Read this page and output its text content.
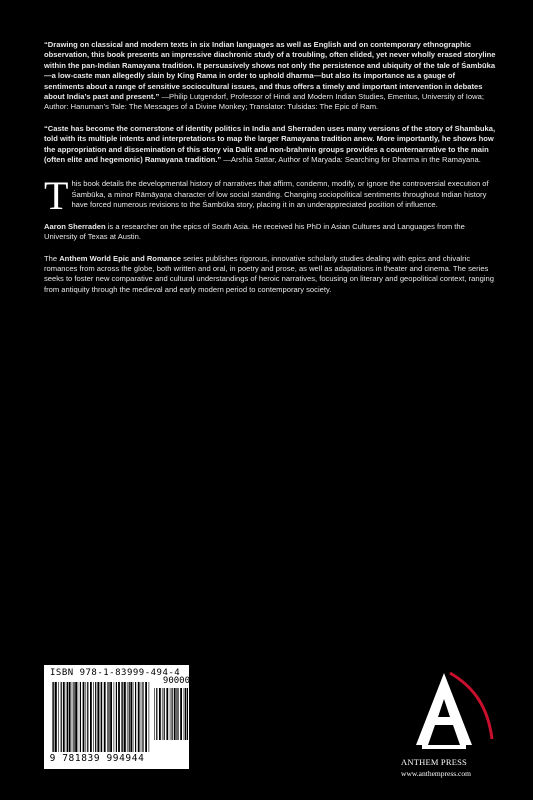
“Drawing on classical and modern texts in six Indian languages as well as English and on contemporary ethnographic observation, this book presents an impressive diachronic study of a troubling, often elided, yet never wholly erased storyline within the pan-Indian Ramayana tradition. It persuasively shows not only the persistence and ubiquity of the tale of Śambūka—a low-caste man allegedly slain by King Rama in order to uphold dharma—but also its importance as a gauge of sentiments about a range of sensitive sociocultural issues, and thus offers a timely and important intervention in debates about India’s past and present.” —Philip Lutgendorf, Professor of Hindi and Modern Indian Studies, Emeritus, University of Iowa; Author: Hanuman’s Tale: The Messages of a Divine Monkey; Translator: Tulsidas: The Epic of Ram.

“Caste has become the cornerstone of identity politics in India and Sherraden uses many versions of the story of Shambuka, told with its multiple intents and interpretations to map the larger Ramayana tradition anew. More importantly, he shows how the appropriation and dissemination of this story via Dalit and non-brahmin groups provides a counternarrative to the main (often elite and hegemonic) Ramayana tradition.” —Arshia Sattar, Author of Maryada: Searching for Dharma in the Ramayana.

This book details the developmental history of narratives that affirm, condemn, modify, or ignore the controversial execution of Śambūka, a minor Rāmāyaṇa character of low social standing. Changing sociopolitical sentiments throughout Indian history have forced numerous revisions to the Śambūka story, placing it in an underappreciated position of influence.

Aaron Sherraden is a researcher on the epics of South Asia. He received his PhD in Asian Cultures and Languages from the University of Texas at Austin.

The Anthem World Epic and Romance series publishes rigorous, innovative scholarly studies dealing with epics and chivalric romances from across the globe, both written and oral, in poetry and prose, as well as adaptations in theater and cinema. The series seeks to foster new comparative and cultural understandings of heroic narratives, focusing on literary and geopolitical context, ranging from antiquity through the medieval and early modern period to contemporary society.

ISBN 978-1-83999-494-4
90000
9 781839 994944	ANTHEM PRESS
www.anthempress.com
